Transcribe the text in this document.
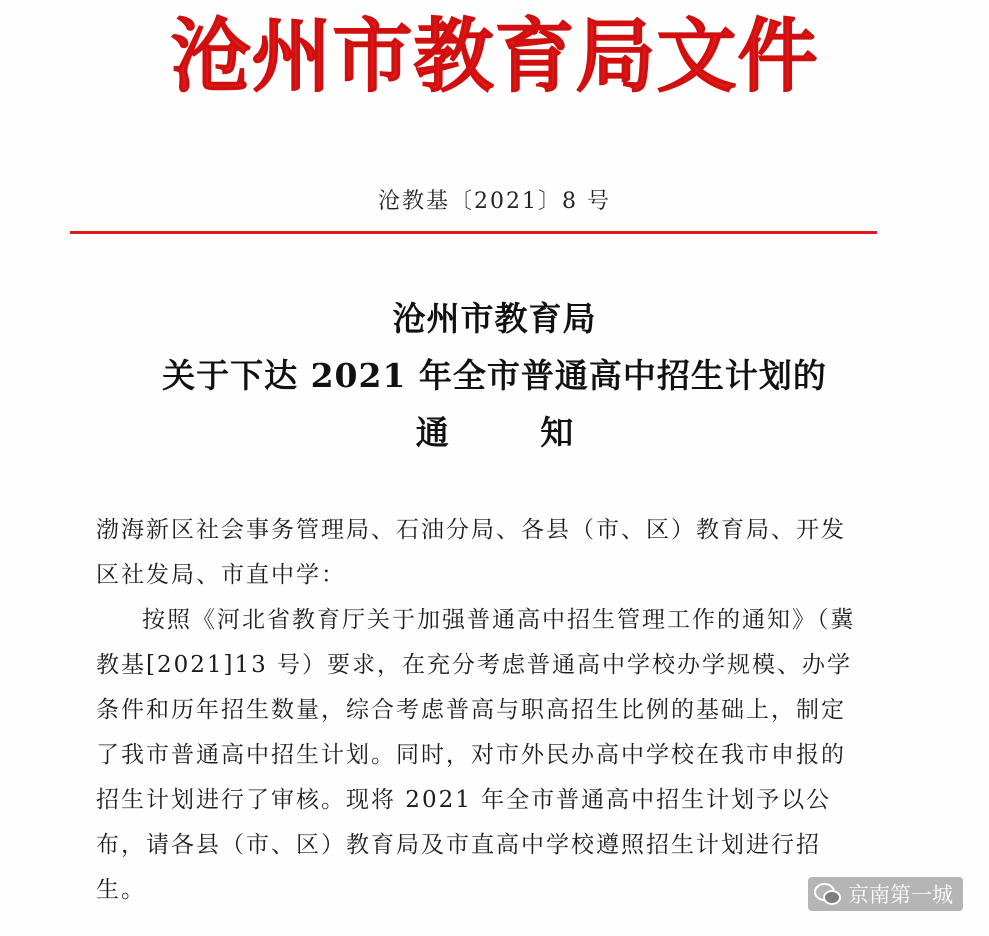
沧州市教育局文件
沧教基〔2021〕8 号
沧州市教育局
关于下达 2021 年全市普通高中招生计划的
通 知

渤海新区社会事务管理局、石油分局、各县（市、区）教育局、开发区社发局、市直中学：

按照《河北省教育厅关于加强普通高中招生管理工作的通知》（冀教基[2021]13 号）要求，在充分考虑普通高中学校办学规模、办学条件和历年招生数量，综合考虑普高与职高招生比例的基础上，制定了我市普通高中招生计划。同时，对市外民办高中学校在我市申报的招生计划进行了审核。现将 2021 年全市普通高中招生计划予以公布，请各县（市、区）教育局及市直高中学校遵照招生计划进行招生。	京南第一城
